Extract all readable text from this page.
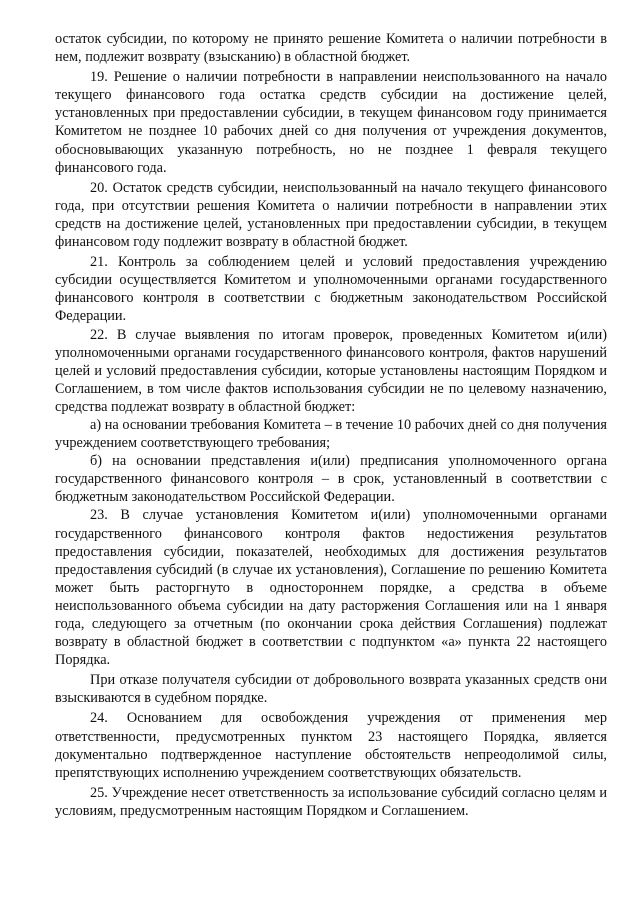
остаток субсидии, по которому не принято решение Комитета о наличии потребности в нем, подлежит возврату (взысканию) в областной бюджет.

19. Решение о наличии потребности в направлении неиспользованного на начало текущего финансового года остатка средств субсидии на достижение целей, установленных при предоставлении субсидии, в текущем финансовом году принимается Комитетом не позднее 10 рабочих дней со дня получения от учреждения документов, обосновывающих указанную потребность, но не позднее 1 февраля текущего финансового года.

20. Остаток средств субсидии, неиспользованный на начало текущего финансового года, при отсутствии решения Комитета о наличии потребности в направлении этих средств на достижение целей, установленных при предоставлении субсидии, в текущем финансовом году подлежит возврату в областной бюджет.

21. Контроль за соблюдением целей и условий предоставления учреждению субсидии осуществляется Комитетом и уполномоченными органами государственного финансового контроля в соответствии с бюджетным законодательством Российской Федерации.

22. В случае выявления по итогам проверок, проведенных Комитетом и(или) уполномоченными органами государственного финансового контроля, фактов нарушений целей и условий предоставления субсидии, которые установлены настоящим Порядком и Соглашением, в том числе фактов использования субсидии не по целевому назначению, средства подлежат возврату в областной бюджет:

а) на основании требования Комитета – в течение 10 рабочих дней со дня получения учреждением соответствующего требования;

б) на основании представления и(или) предписания уполномоченного органа государственного финансового контроля – в срок, установленный в соответствии с бюджетным законодательством Российской Федерации.

23. В случае установления Комитетом и(или) уполномоченными органами государственного финансового контроля фактов недостижения результатов предоставления субсидии, показателей, необходимых для достижения результатов предоставления субсидий (в случае их установления), Соглашение по решению Комитета может быть расторгнуто в одностороннем порядке, а средства в объеме неиспользованного объема субсидии на дату расторжения Соглашения или на 1 января года, следующего за отчетным (по окончании срока действия Соглашения) подлежат возврату в областной бюджет в соответствии с подпунктом «а» пункта 22 настоящего Порядка.

При отказе получателя субсидии от добровольного возврата указанных средств они взыскиваются в судебном порядке.

24. Основанием для освобождения учреждения от применения мер ответственности, предусмотренных пунктом 23 настоящего Порядка, является документально подтвержденное наступление обстоятельств непреодолимой силы, препятствующих исполнению учреждением соответствующих обязательств.

25. Учреждение несет ответственность за использование субсидий согласно целям и условиям, предусмотренным настоящим Порядком и Соглашением.
